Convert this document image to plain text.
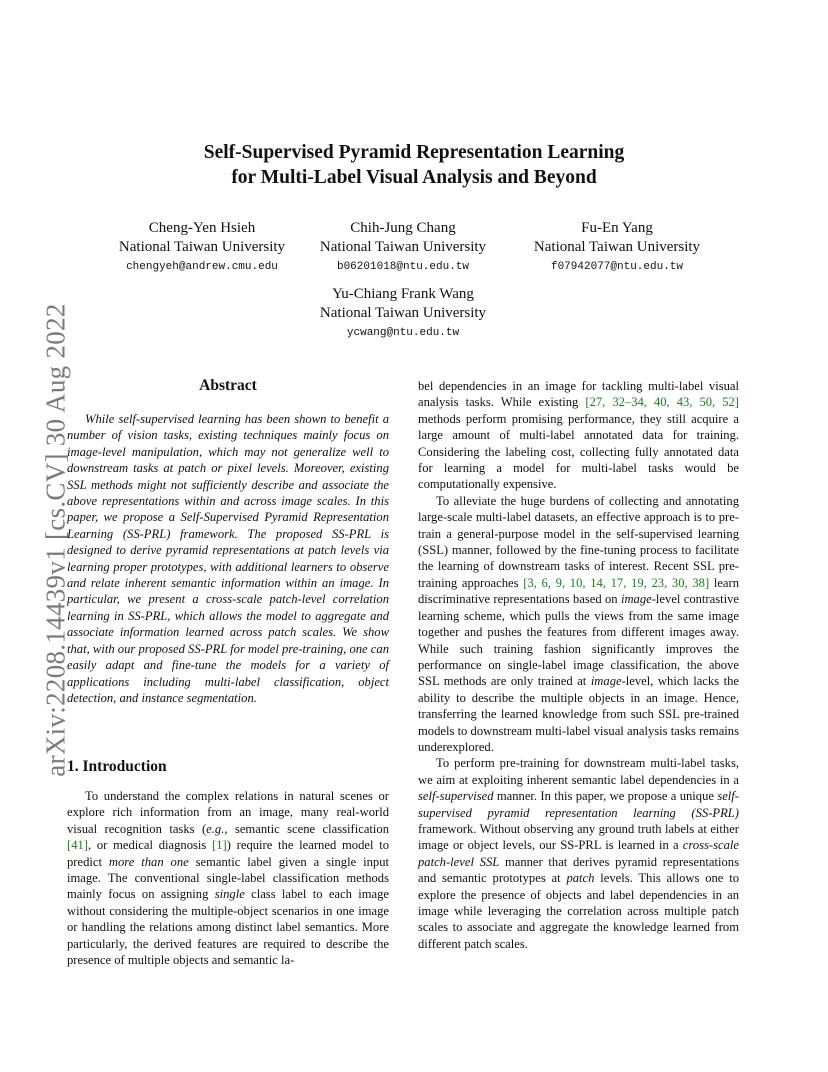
arXiv:2208.14439v1 [cs.CV] 30 Aug 2022
Self-Supervised Pyramid Representation Learning
for Multi-Label Visual Analysis and Beyond
Cheng-Yen Hsieh
National Taiwan University
chengyeh@andrew.cmu.edu
Chih-Jung Chang
National Taiwan University
b06201018@ntu.edu.tw
Fu-En Yang
National Taiwan University
f07942077@ntu.edu.tw
Yu-Chiang Frank Wang
National Taiwan University
ycwang@ntu.edu.tw
Abstract

While self-supervised learning has been shown to benefit a number of vision tasks, existing techniques mainly focus on image-level manipulation, which may not generalize well to downstream tasks at patch or pixel levels. Moreover, existing SSL methods might not sufficiently describe and associate the above representations within and across image scales. In this paper, we propose a Self-Supervised Pyramid Representation Learning (SS-PRL) framework. The proposed SS-PRL is designed to derive pyramid representations at patch levels via learning proper prototypes, with additional learners to observe and relate inherent semantic information within an image. In particular, we present a cross-scale patch-level correlation learning in SS-PRL, which allows the model to aggregate and associate information learned across patch scales. We show that, with our proposed SS-PRL for model pre-training, one can easily adapt and fine-tune the models for a variety of applications including multi-label classification, object detection, and instance segmentation.

1. Introduction

To understand the complex relations in natural scenes or explore rich information from an image, many real-world visual recognition tasks (e.g., semantic scene classification [41], or medical diagnosis [1]) require the learned model to predict more than one semantic label given a single input image. The conventional single-label classification methods mainly focus on assigning single class label to each image without considering the multiple-object scenarios in one image or handling the relations among distinct label semantics. More particularly, the derived features are required to describe the presence of multiple objects and semantic la-

bel dependencies in an image for tackling multi-label visual analysis tasks. While existing [27, 32–34, 40, 43, 50, 52] methods perform promising performance, they still acquire a large amount of multi-label annotated data for training. Considering the labeling cost, collecting fully annotated data for learning a model for multi-label tasks would be computationally expensive.

To alleviate the huge burdens of collecting and annotating large-scale multi-label datasets, an effective approach is to pre-train a general-purpose model in the self-supervised learning (SSL) manner, followed by the fine-tuning process to facilitate the learning of downstream tasks of interest. Recent SSL pre-training approaches [3, 6, 9, 10, 14, 17, 19, 23, 30, 38] learn discriminative representations based on image-level contrastive learning scheme, which pulls the views from the same image together and pushes the features from different images away. While such training fashion significantly improves the performance on single-label image classification, the above SSL methods are only trained at image-level, which lacks the ability to describe the multiple objects in an image. Hence, transferring the learned knowledge from such SSL pre-trained models to downstream multi-label visual analysis tasks remains underexplored.

To perform pre-training for downstream multi-label tasks, we aim at exploiting inherent semantic label dependencies in a self-supervised manner. In this paper, we propose a unique self-supervised pyramid representation learning (SS-PRL) framework. Without observing any ground truth labels at either image or object levels, our SS-PRL is learned in a cross-scale patch-level SSL manner that derives pyramid representations and semantic prototypes at patch levels. This allows one to explore the presence of objects and label dependencies in an image while leveraging the correlation across multiple patch scales to associate and aggregate the knowledge learned from different patch scales.
